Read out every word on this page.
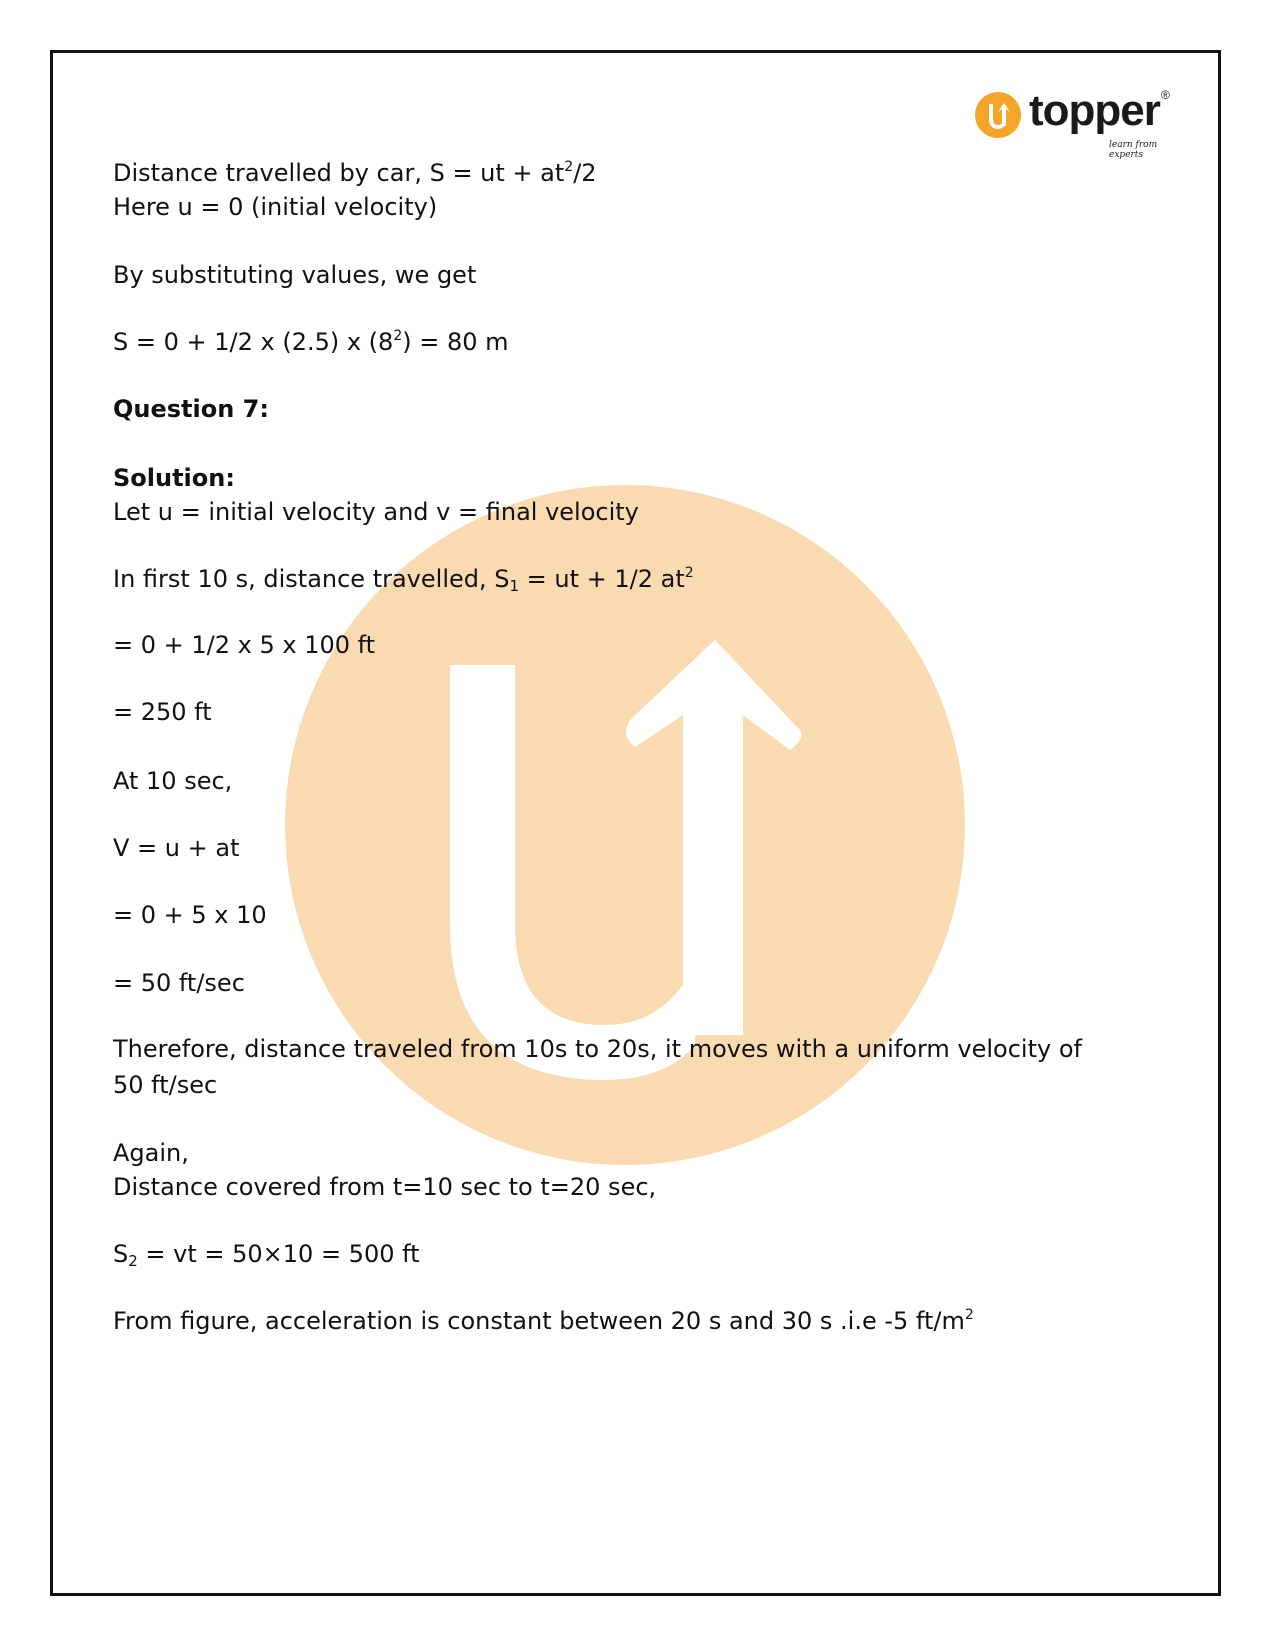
topper ®
learn from experts
Distance travelled by car, S = ut + $at^2/2$
Here u = 0 (initial velocity)
By substituting values, we get
S = 0 + 1/2 x (2.5) x $(8^2) = 80$ m
Question 7:
Solution:
Let u = initial velocity and v = final velocity
In first 10 s, distance travelled, $S_1$ = ut + 1/2 $at^2$
= 0 + 1/2 x 5 x 100 ft
= 250 ft
At 10 sec,
V = u + at
= 0 + 5 x 10
= 50 ft/sec
Therefore, distance traveled from 10s to 20s, it moves with a uniform velocity of 50 ft/sec
Again,
Distance covered from t=10 sec to t=20 sec,
$S_2$ = vt = 50×10 = 500 ft
From figure, acceleration is constant between 20 s and 30 s .i.e -5 $ft/m^2$
